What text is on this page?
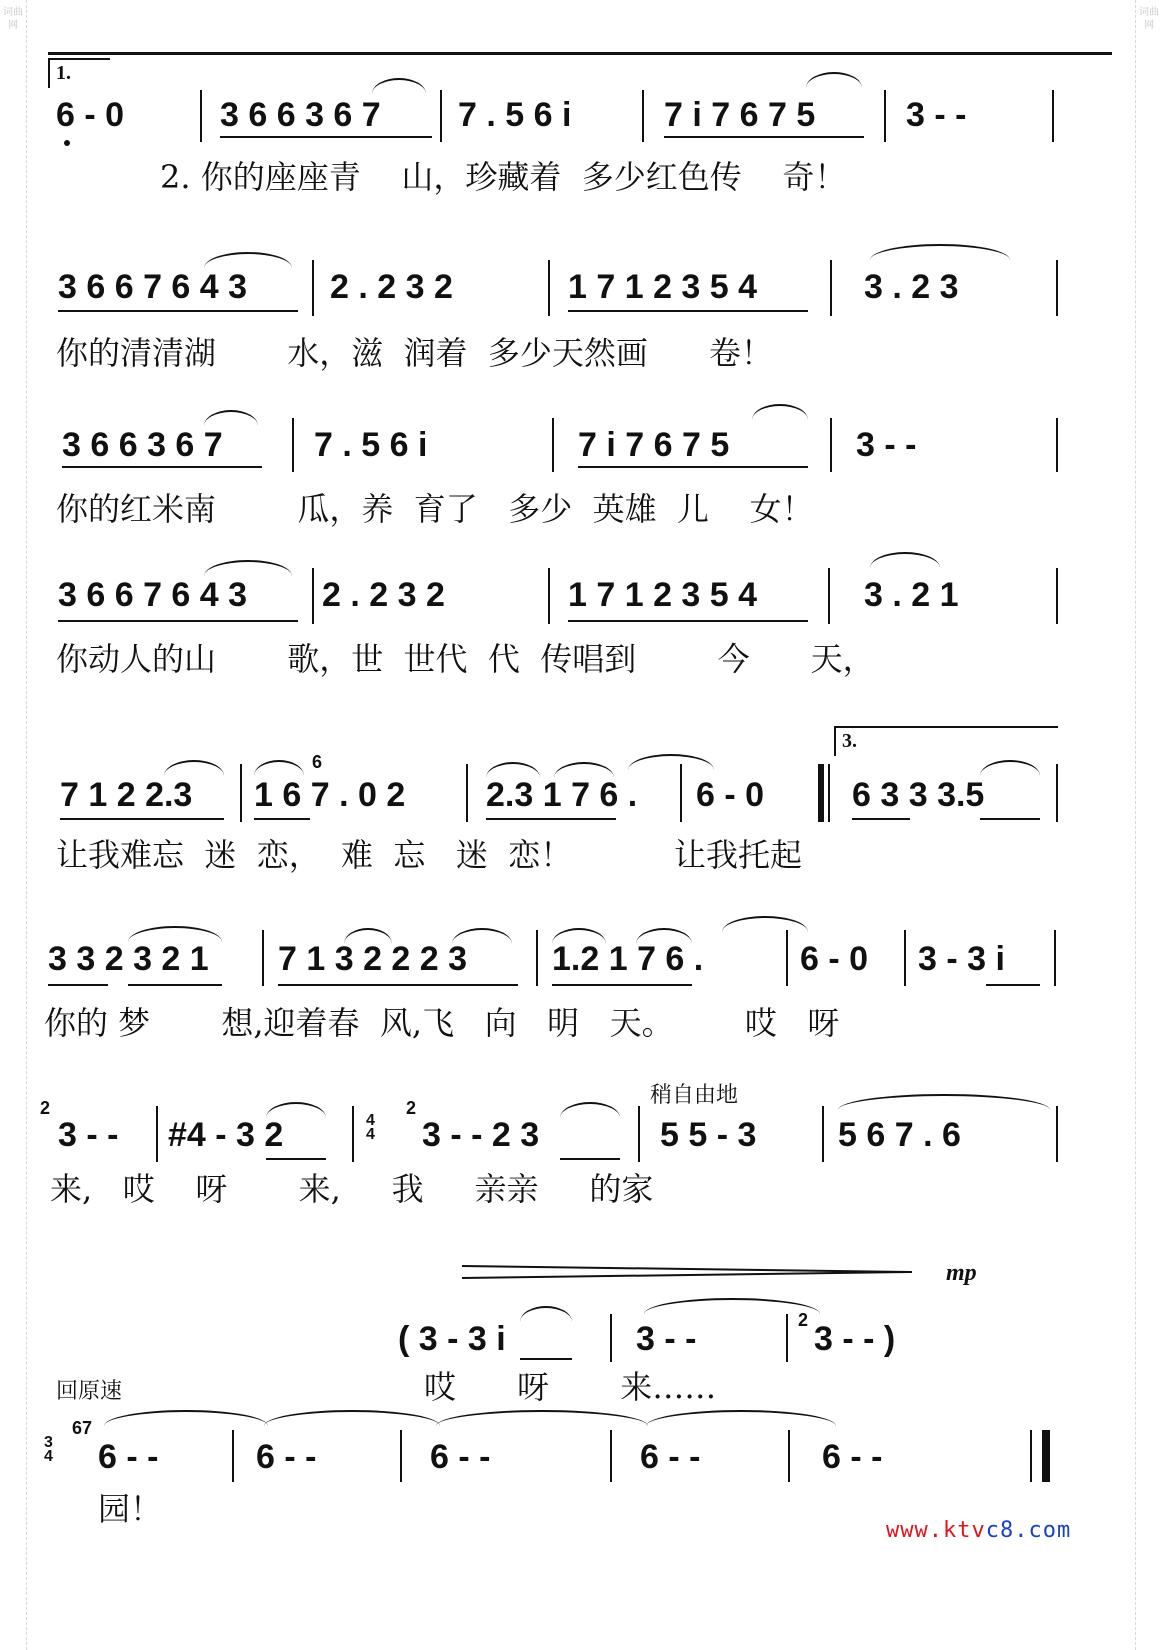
词曲网
词曲网
1.
6 - 0	3 6 6 3 6 7 7 . 5 6 i	7 i 7 6 7 5	3 - -
2. 你的座座青    山，珍藏着  多少红色传    奇！
3 6 6 7 6 4 3 2 . 2 3 2	1 7 1 2 3 5 4	3 . 2 3
你的清清湖       水，滋  润着  多少天然画      卷！
3 6 6 3 6 7	7 . 5 6 i	7 i 7 6 7 5	3 - -
你的红米南        瓜，养  育了   多少  英雄  儿    女！
3 6 6 7 6 4 3 2 . 2 3 2	1 7 1 2 3 5 4	3 . 2 1
你动人的山       歌，世  世代  代  传唱到        今      天，
3.
7 1 2 2.3 1 6 7 . 0 2 2.3 1 7 6 . 6 - 0	6 3 3 3.5
6
让我难忘  迷  恋，  难  忘   迷  恋！          让我托起
3 3 2 3 2 1 7 1 3 2 2 2 3 1.2 1 7 6 .	6 - 0 3 - 3 i
你的 梦       想,迎着春  风,飞   向   明   天。       哎   呀
稍自由地
2
3 - - #4 - 3 2	4
4
2
3 - - 2 3	5 5 - 3 5 6 7 . 6
来,   哎    呀       来,     我     亲亲     的家
mp
( 3 - 3 i	3 - -	2 3 - - )
哎      呀       来……
回原速
3
4
67
6 - -	6 - -	6 - -	6 - -	6 - -
园！
www.ktvc8.com
